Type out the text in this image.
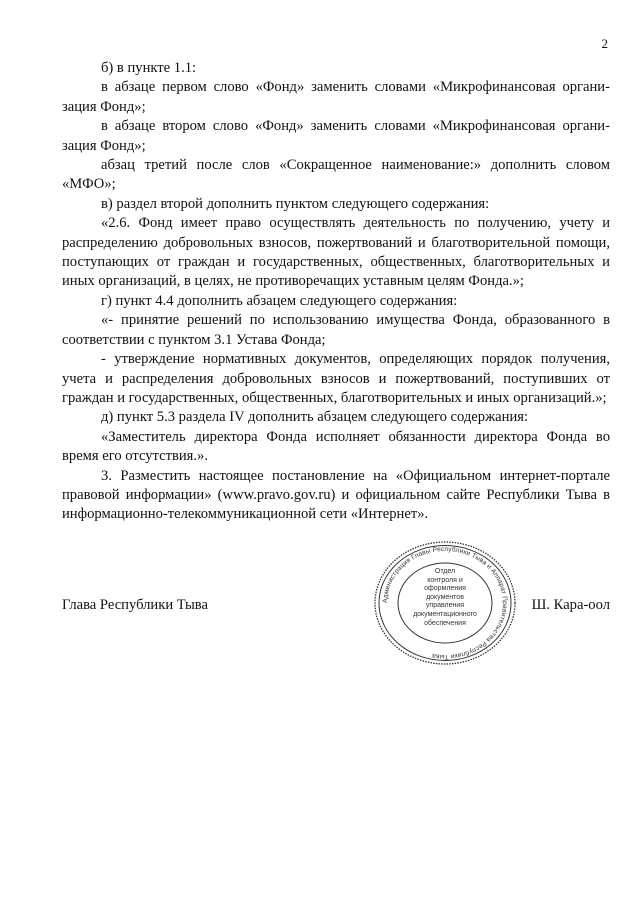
2

б) в пункте 1.1:

в абзаце первом слово «Фонд» заменить словами «Микрофинансовая организация Фонд»;

в абзаце втором слово «Фонд» заменить словами «Микрофинансовая организация Фонд»;

абзац третий после слов «Сокращенное наименование:» дополнить словом «МФО»;

в) раздел второй дополнить пунктом следующего содержания:

«2.6. Фонд имеет право осуществлять деятельность по получению, учету и распределению добровольных взносов, пожертвований и благотворительной помощи, поступающих от граждан и государственных, общественных, благотворительных и иных организаций, в целях, не противоречащих уставным целям Фонда.»;

г) пункт 4.4 дополнить абзацем следующего содержания:

«- принятие решений по использованию имущества Фонда, образованного в соответствии с пунктом 3.1 Устава Фонда;

- утверждение нормативных документов, определяющих порядок получения, учета и распределения добровольных взносов и пожертвований, поступивших от граждан и государственных, общественных, благотворительных и иных организаций.»;

д) пункт 5.3 раздела IV дополнить абзацем следующего содержания:

«Заместитель директора Фонда исполняет обязанности директора Фонда во время его отсутствия.».

3. Разместить настоящее постановление на «Официальном интернет-портале правовой информации» (www.pravo.gov.ru) и официальном сайте Республики Тыва в информационно-телекоммуникационной сети «Интернет».

Администрация Главы Республики Тыва и Аппарат Правительства Республики Тыва
Отдел
контроля и
оформления документов
управления
документационного
обеспечения
Глава Республики Тыва	Ш. Кара-оол
